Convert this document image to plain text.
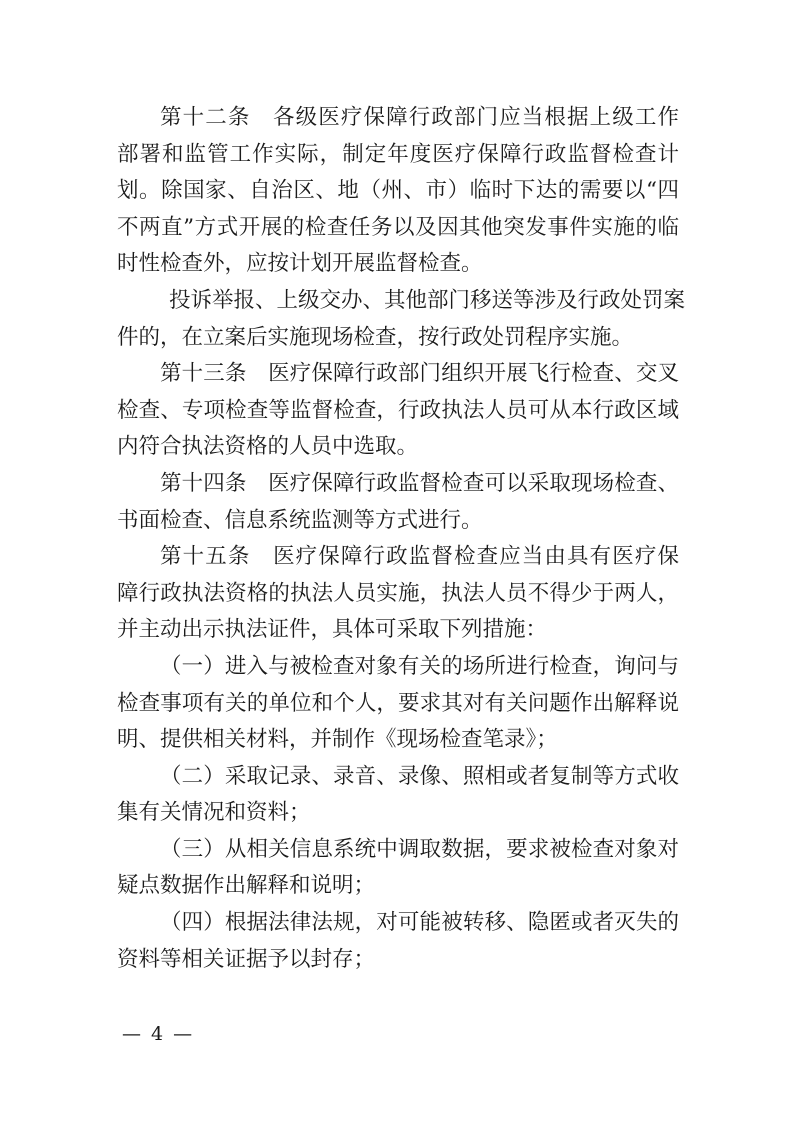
第十二条　各级医疗保障行政部门应当根据上级工作
部署和监管工作实际，制定年度医疗保障行政监督检查计
划。除国家、自治区、地（州、市）临时下达的需要以“四
不两直”方式开展的检查任务以及因其他突发事件实施的临
时性检查外，应按计划开展监督检查。
投诉举报、上级交办、其他部门移送等涉及行政处罚案
件的，在立案后实施现场检查，按行政处罚程序实施。
第十三条　医疗保障行政部门组织开展飞行检查、交叉
检查、专项检查等监督检查，行政执法人员可从本行政区域
内符合执法资格的人员中选取。
第十四条　医疗保障行政监督检查可以采取现场检查、
书面检查、信息系统监测等方式进行。
第十五条　医疗保障行政监督检查应当由具有医疗保
障行政执法资格的执法人员实施，执法人员不得少于两人，
并主动出示执法证件，具体可采取下列措施：
（一）进入与被检查对象有关的场所进行检查，询问与
检查事项有关的单位和个人，要求其对有关问题作出解释说
明、提供相关材料，并制作《现场检查笔录》；
（二）采取记录、录音、录像、照相或者复制等方式收
集有关情况和资料；
（三）从相关信息系统中调取数据，要求被检查对象对
疑点数据作出解释和说明；
（四）根据法律法规，对可能被转移、隐匿或者灭失的
资料等相关证据予以封存；
— 4 —
